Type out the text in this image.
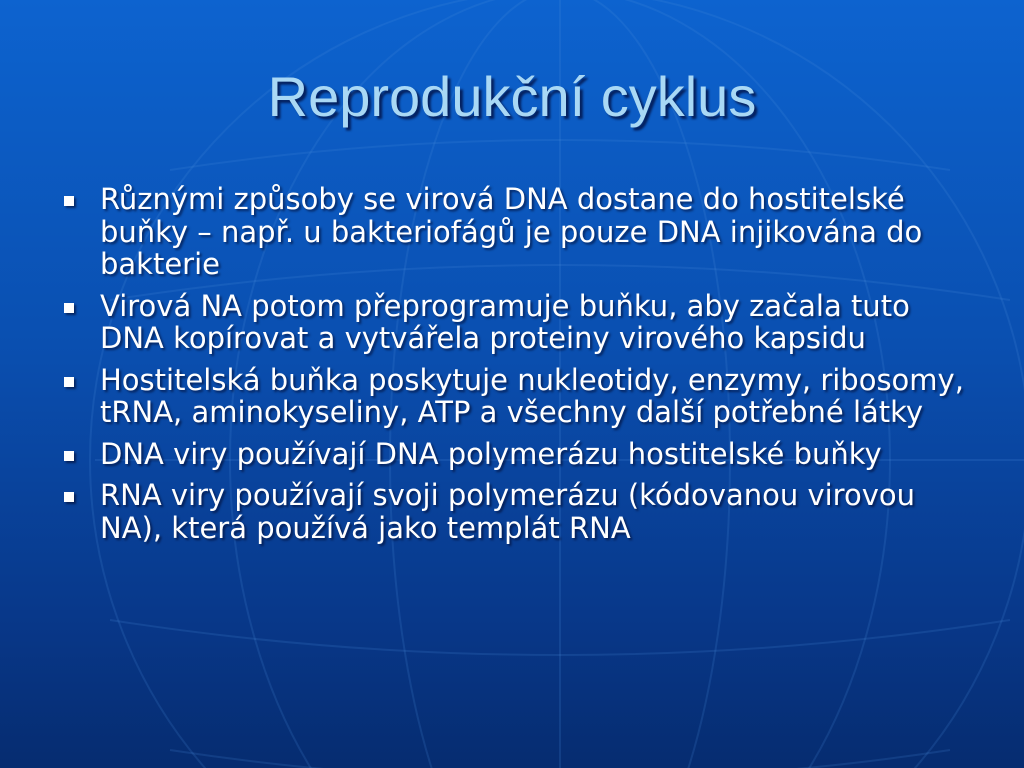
Reprodukční cyklus
Různými způsoby se virová DNA dostane do hostitelské buňky – např. u bakteriofágů je pouze DNA injikována do bakterie
Virová NA potom přeprogramuje buňku, aby začala tuto DNA kopírovat a vytvářela proteiny virového kapsidu
Hostitelská buňka poskytuje nukleotidy, enzymy, ribosomy, tRNA, aminokyseliny, ATP a všechny další potřebné látky
DNA viry používají DNA polymerázu hostitelské buňky
RNA viry používají svoji polymerázu (kódovanou virovou NA), která používá jako templát RNA
